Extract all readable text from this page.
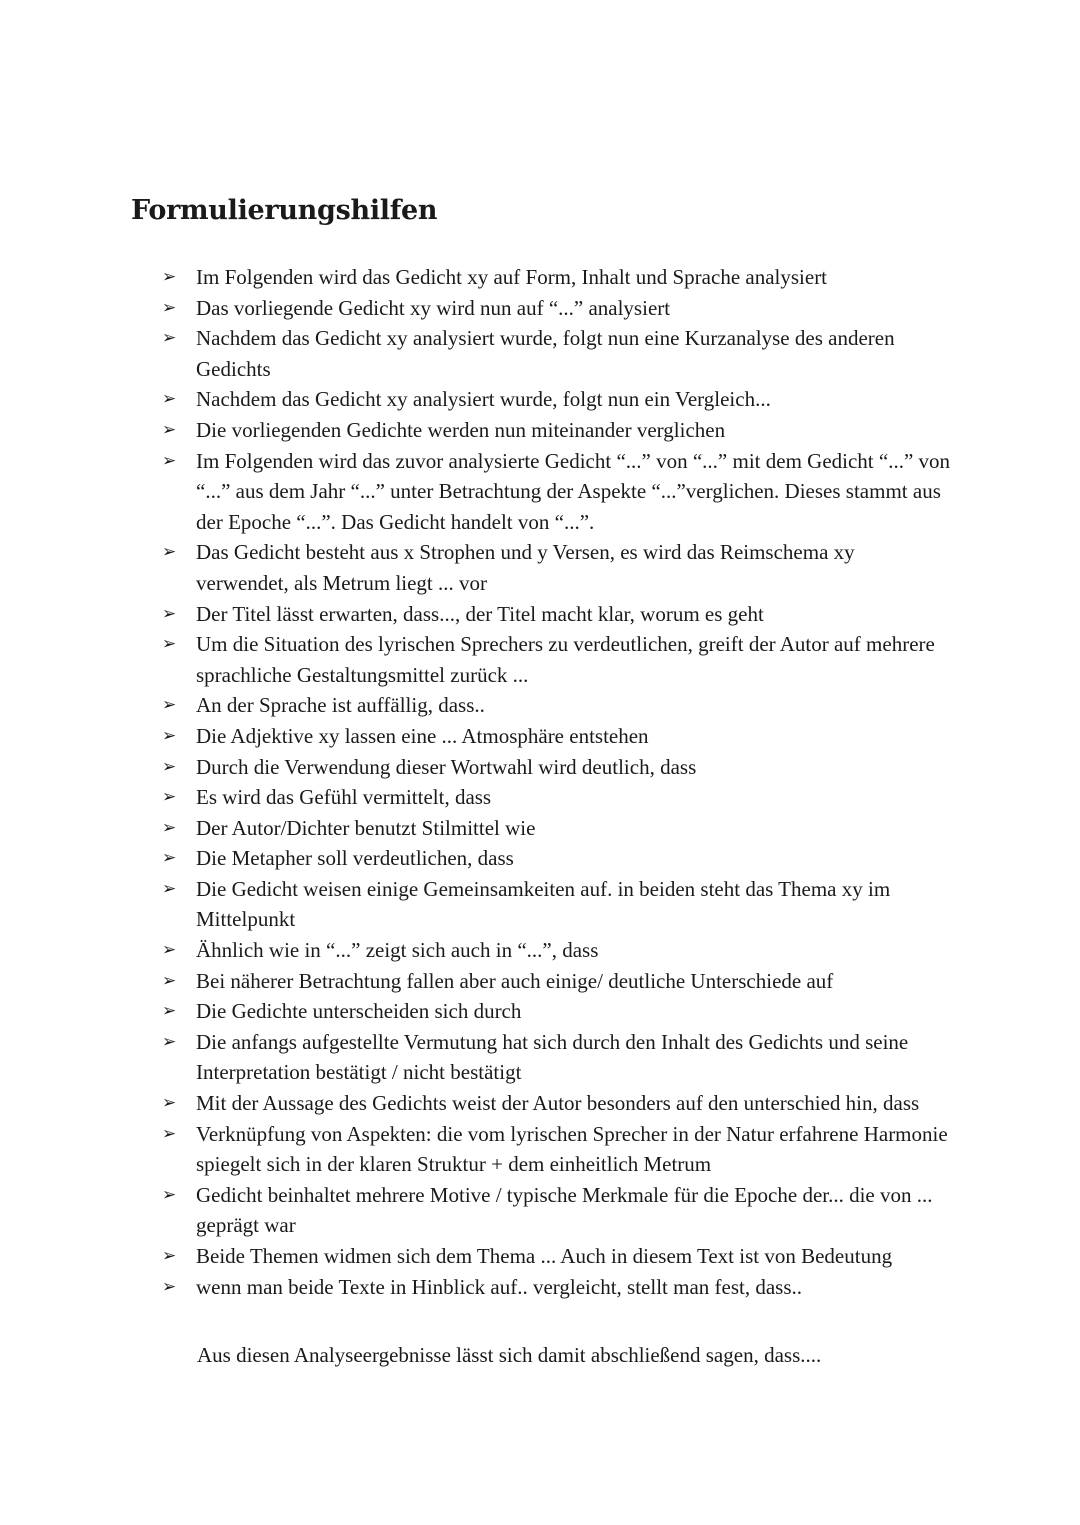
Formulierungshilfen
➢ Im Folgenden wird das Gedicht xy auf Form, Inhalt und Sprache analysiert
➢ Das vorliegende Gedicht xy wird nun auf “...” analysiert
➢ Nachdem das Gedicht xy analysiert wurde, folgt nun eine Kurzanalyse des anderen Gedichts
➢ Nachdem das Gedicht xy analysiert wurde, folgt nun ein Vergleich...
➢ Die vorliegenden Gedichte werden nun miteinander verglichen
➢ Im Folgenden wird das zuvor analysierte Gedicht “...” von “...” mit dem Gedicht “...” von “...” aus dem Jahr “...” unter Betrachtung der Aspekte “...”verglichen. Dieses stammt aus der Epoche “...”. Das Gedicht handelt von “...”.
➢ Das Gedicht besteht aus x Strophen und y Versen, es wird das Reimschema xy verwendet, als Metrum liegt ... vor
➢ Der Titel lässt erwarten, dass..., der Titel macht klar, worum es geht
➢ Um die Situation des lyrischen Sprechers zu verdeutlichen, greift der Autor auf mehrere sprachliche Gestaltungsmittel zurück ...
➢ An der Sprache ist auffällig, dass..
➢ Die Adjektive xy lassen eine ... Atmosphäre entstehen
➢ Durch die Verwendung dieser Wortwahl wird deutlich, dass
➢ Es wird das Gefühl vermittelt, dass
➢ Der Autor/Dichter benutzt Stilmittel wie
➢ Die Metapher soll verdeutlichen, dass
➢ Die Gedicht weisen einige Gemeinsamkeiten auf. in beiden steht das Thema xy im Mittelpunkt
➢ Ähnlich wie in “...” zeigt sich auch in “...”, dass
➢ Bei näherer Betrachtung fallen aber auch einige/ deutliche Unterschiede auf
➢ Die Gedichte unterscheiden sich durch
➢ Die anfangs aufgestellte Vermutung hat sich durch den Inhalt des Gedichts und seine Interpretation bestätigt / nicht bestätigt
➢ Mit der Aussage des Gedichts weist der Autor besonders auf den unterschied hin, dass
➢ Verknüpfung von Aspekten: die vom lyrischen Sprecher in der Natur erfahrene Harmonie spiegelt sich in der klaren Struktur + dem einheitlich Metrum
➢ Gedicht beinhaltet mehrere Motive / typische Merkmale für die Epoche der... die von ... geprägt war
➢ Beide Themen widmen sich dem Thema ... Auch in diesem Text ist von Bedeutung
➢ wenn man beide Texte in Hinblick auf.. vergleicht, stellt man fest, dass..

Aus diesen Analyseergebnisse lässt sich damit abschließend sagen, dass....
